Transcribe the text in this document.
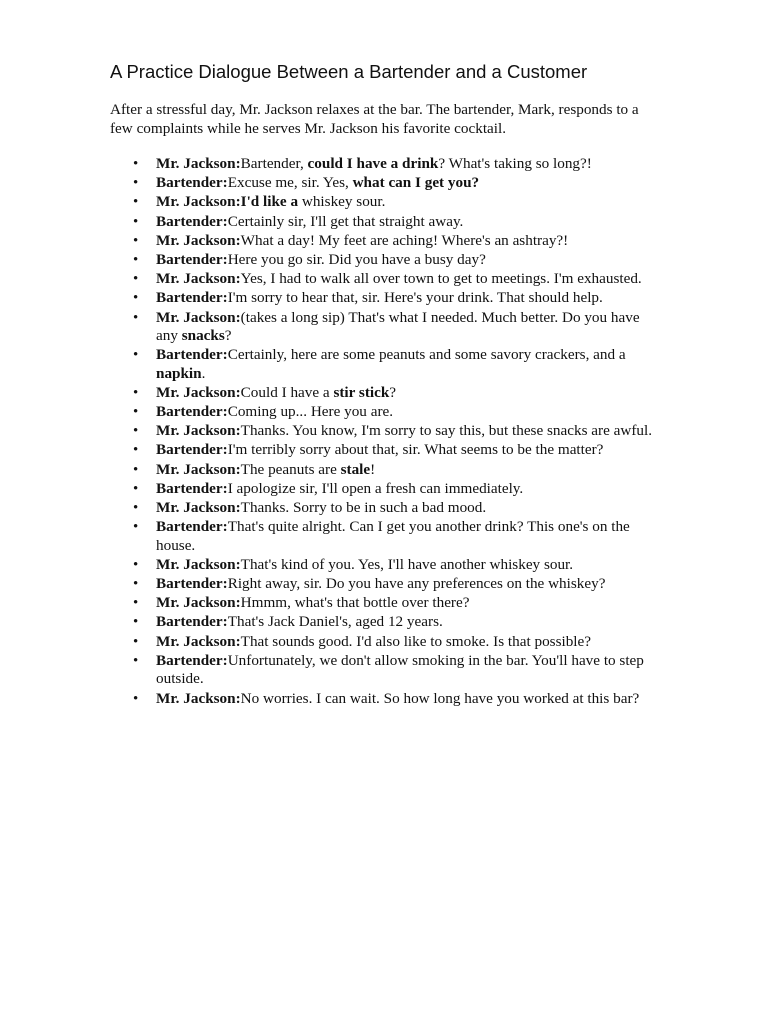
A Practice Dialogue Between a Bartender and a Customer

After a stressful day, Mr. Jackson relaxes at the bar. The bartender, Mark, responds to a few complaints while he serves Mr. Jackson his favorite cocktail.

• Mr. Jackson:Bartender, could I have a drink? What's taking so long?!
• Bartender:Excuse me, sir. Yes, what can I get you?
• Mr. Jackson:I'd like a whiskey sour.
• Bartender:Certainly sir, I'll get that straight away.
• Mr. Jackson:What a day! My feet are aching! Where's an ashtray?!
• Bartender:Here you go sir. Did you have a busy day?
• Mr. Jackson:Yes, I had to walk all over town to get to meetings. I'm exhausted.
• Bartender:I'm sorry to hear that, sir. Here's your drink. That should help.
• Mr. Jackson:(takes a long sip) That's what I needed. Much better. Do you have any snacks?
• Bartender:Certainly, here are some peanuts and some savory crackers, and a napkin.
• Mr. Jackson:Could I have a stir stick?
• Bartender:Coming up... Here you are.
• Mr. Jackson:Thanks. You know, I'm sorry to say this, but these snacks are awful.
• Bartender:I'm terribly sorry about that, sir. What seems to be the matter?
• Mr. Jackson:The peanuts are stale!
• Bartender:I apologize sir, I'll open a fresh can immediately.
• Mr. Jackson:Thanks. Sorry to be in such a bad mood.
• Bartender:That's quite alright. Can I get you another drink? This one's on the house.
• Mr. Jackson:That's kind of you. Yes, I'll have another whiskey sour.
• Bartender:Right away, sir. Do you have any preferences on the whiskey?
• Mr. Jackson:Hmmm, what's that bottle over there?
• Bartender:That's Jack Daniel's, aged 12 years.
• Mr. Jackson:That sounds good. I'd also like to smoke. Is that possible?
• Bartender:Unfortunately, we don't allow smoking in the bar. You'll have to step outside.
• Mr. Jackson:No worries. I can wait. So how long have you worked at this bar?
